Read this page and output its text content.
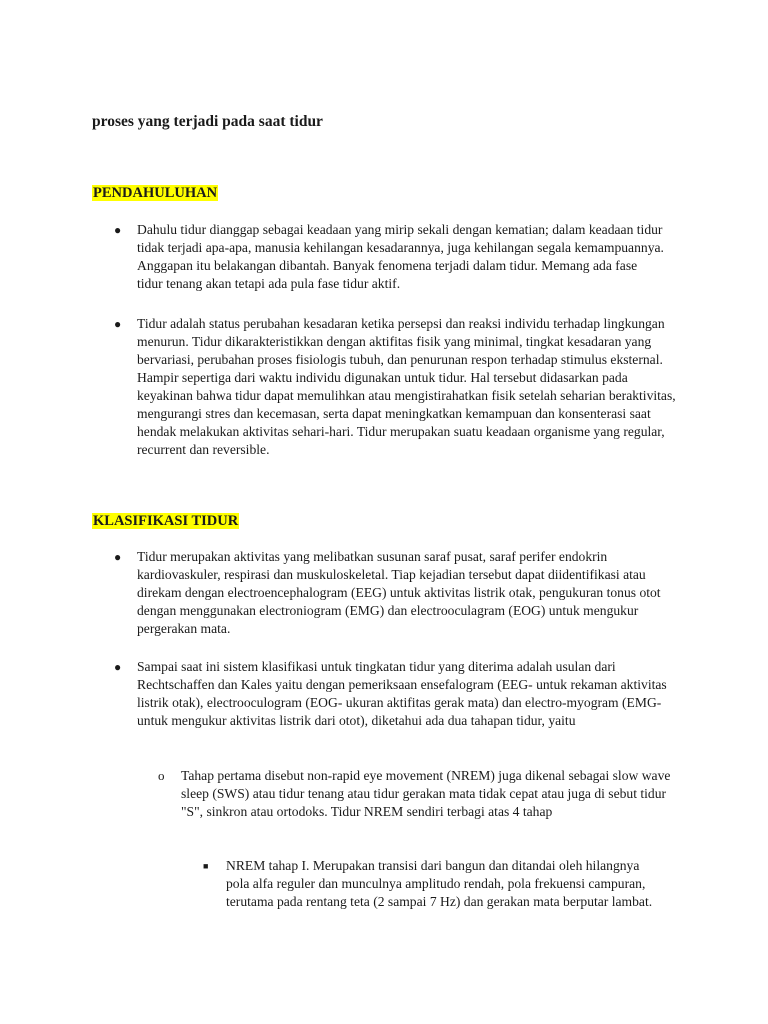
proses yang terjadi pada saat tidur
PENDAHULUHAN
● Dahulu tidur dianggap sebagai keadaan yang mirip sekali dengan kematian; dalam keadaan tidur tidak terjadi apa-apa, manusia kehilangan kesadarannya, juga kehilangan segala kemampuannya. Anggapan itu belakangan dibantah. Banyak fenomena terjadi dalam tidur. Memang ada fase tidur tenang akan tetapi ada pula fase tidur aktif.

● Tidur adalah status perubahan kesadaran ketika persepsi dan reaksi individu terhadap lingkungan menurun. Tidur dikarakteristikkan dengan aktifitas fisik yang minimal, tingkat kesadaran yang bervariasi, perubahan proses fisiologis tubuh, dan penurunan respon terhadap stimulus eksternal. Hampir sepertiga dari waktu individu digunakan untuk tidur. Hal tersebut didasarkan pada keyakinan bahwa tidur dapat memulihkan atau mengistirahatkan fisik setelah seharian beraktivitas, mengurangi stres dan kecemasan, serta dapat meningkatkan kemampuan dan konsenterasi saat hendak melakukan aktivitas sehari-hari. Tidur merupakan suatu keadaan organisme yang regular, recurrent dan reversible.

KLASIFIKASI TIDUR
● Tidur merupakan aktivitas yang melibatkan susunan saraf pusat, saraf perifer endokrin kardiovaskuler, respirasi dan muskuloskeletal. Tiap kejadian tersebut dapat diidentifikasi atau direkam dengan electroencephalogram (EEG) untuk aktivitas listrik otak, pengukuran tonus otot dengan menggunakan electroniogram (EMG) dan electrooculagram (EOG) untuk mengukur pergerakan mata.

● Sampai saat ini sistem klasifikasi untuk tingkatan tidur yang diterima adalah usulan dari Rechtschaffen dan Kales yaitu dengan pemeriksaan ensefalogram (EEG- untuk rekaman aktivitas listrik otak), electrooculogram (EOG- ukuran aktifitas gerak mata) dan electro-myogram (EMG-untuk mengukur aktivitas listrik dari otot), diketahui ada dua tahapan tidur, yaitu

o Tahap pertama disebut non-rapid eye movement (NREM) juga dikenal sebagai slow wave sleep (SWS) atau tidur tenang atau tidur gerakan mata tidak cepat atau juga di sebut tidur "S", sinkron atau ortodoks. Tidur NREM sendiri terbagi atas 4 tahap

■ NREM tahap I. Merupakan transisi dari bangun dan ditandai oleh hilangnya pola alfa reguler dan munculnya amplitudo rendah, pola frekuensi campuran, terutama pada rentang teta (2 sampai 7 Hz) dan gerakan mata berputar lambat.
